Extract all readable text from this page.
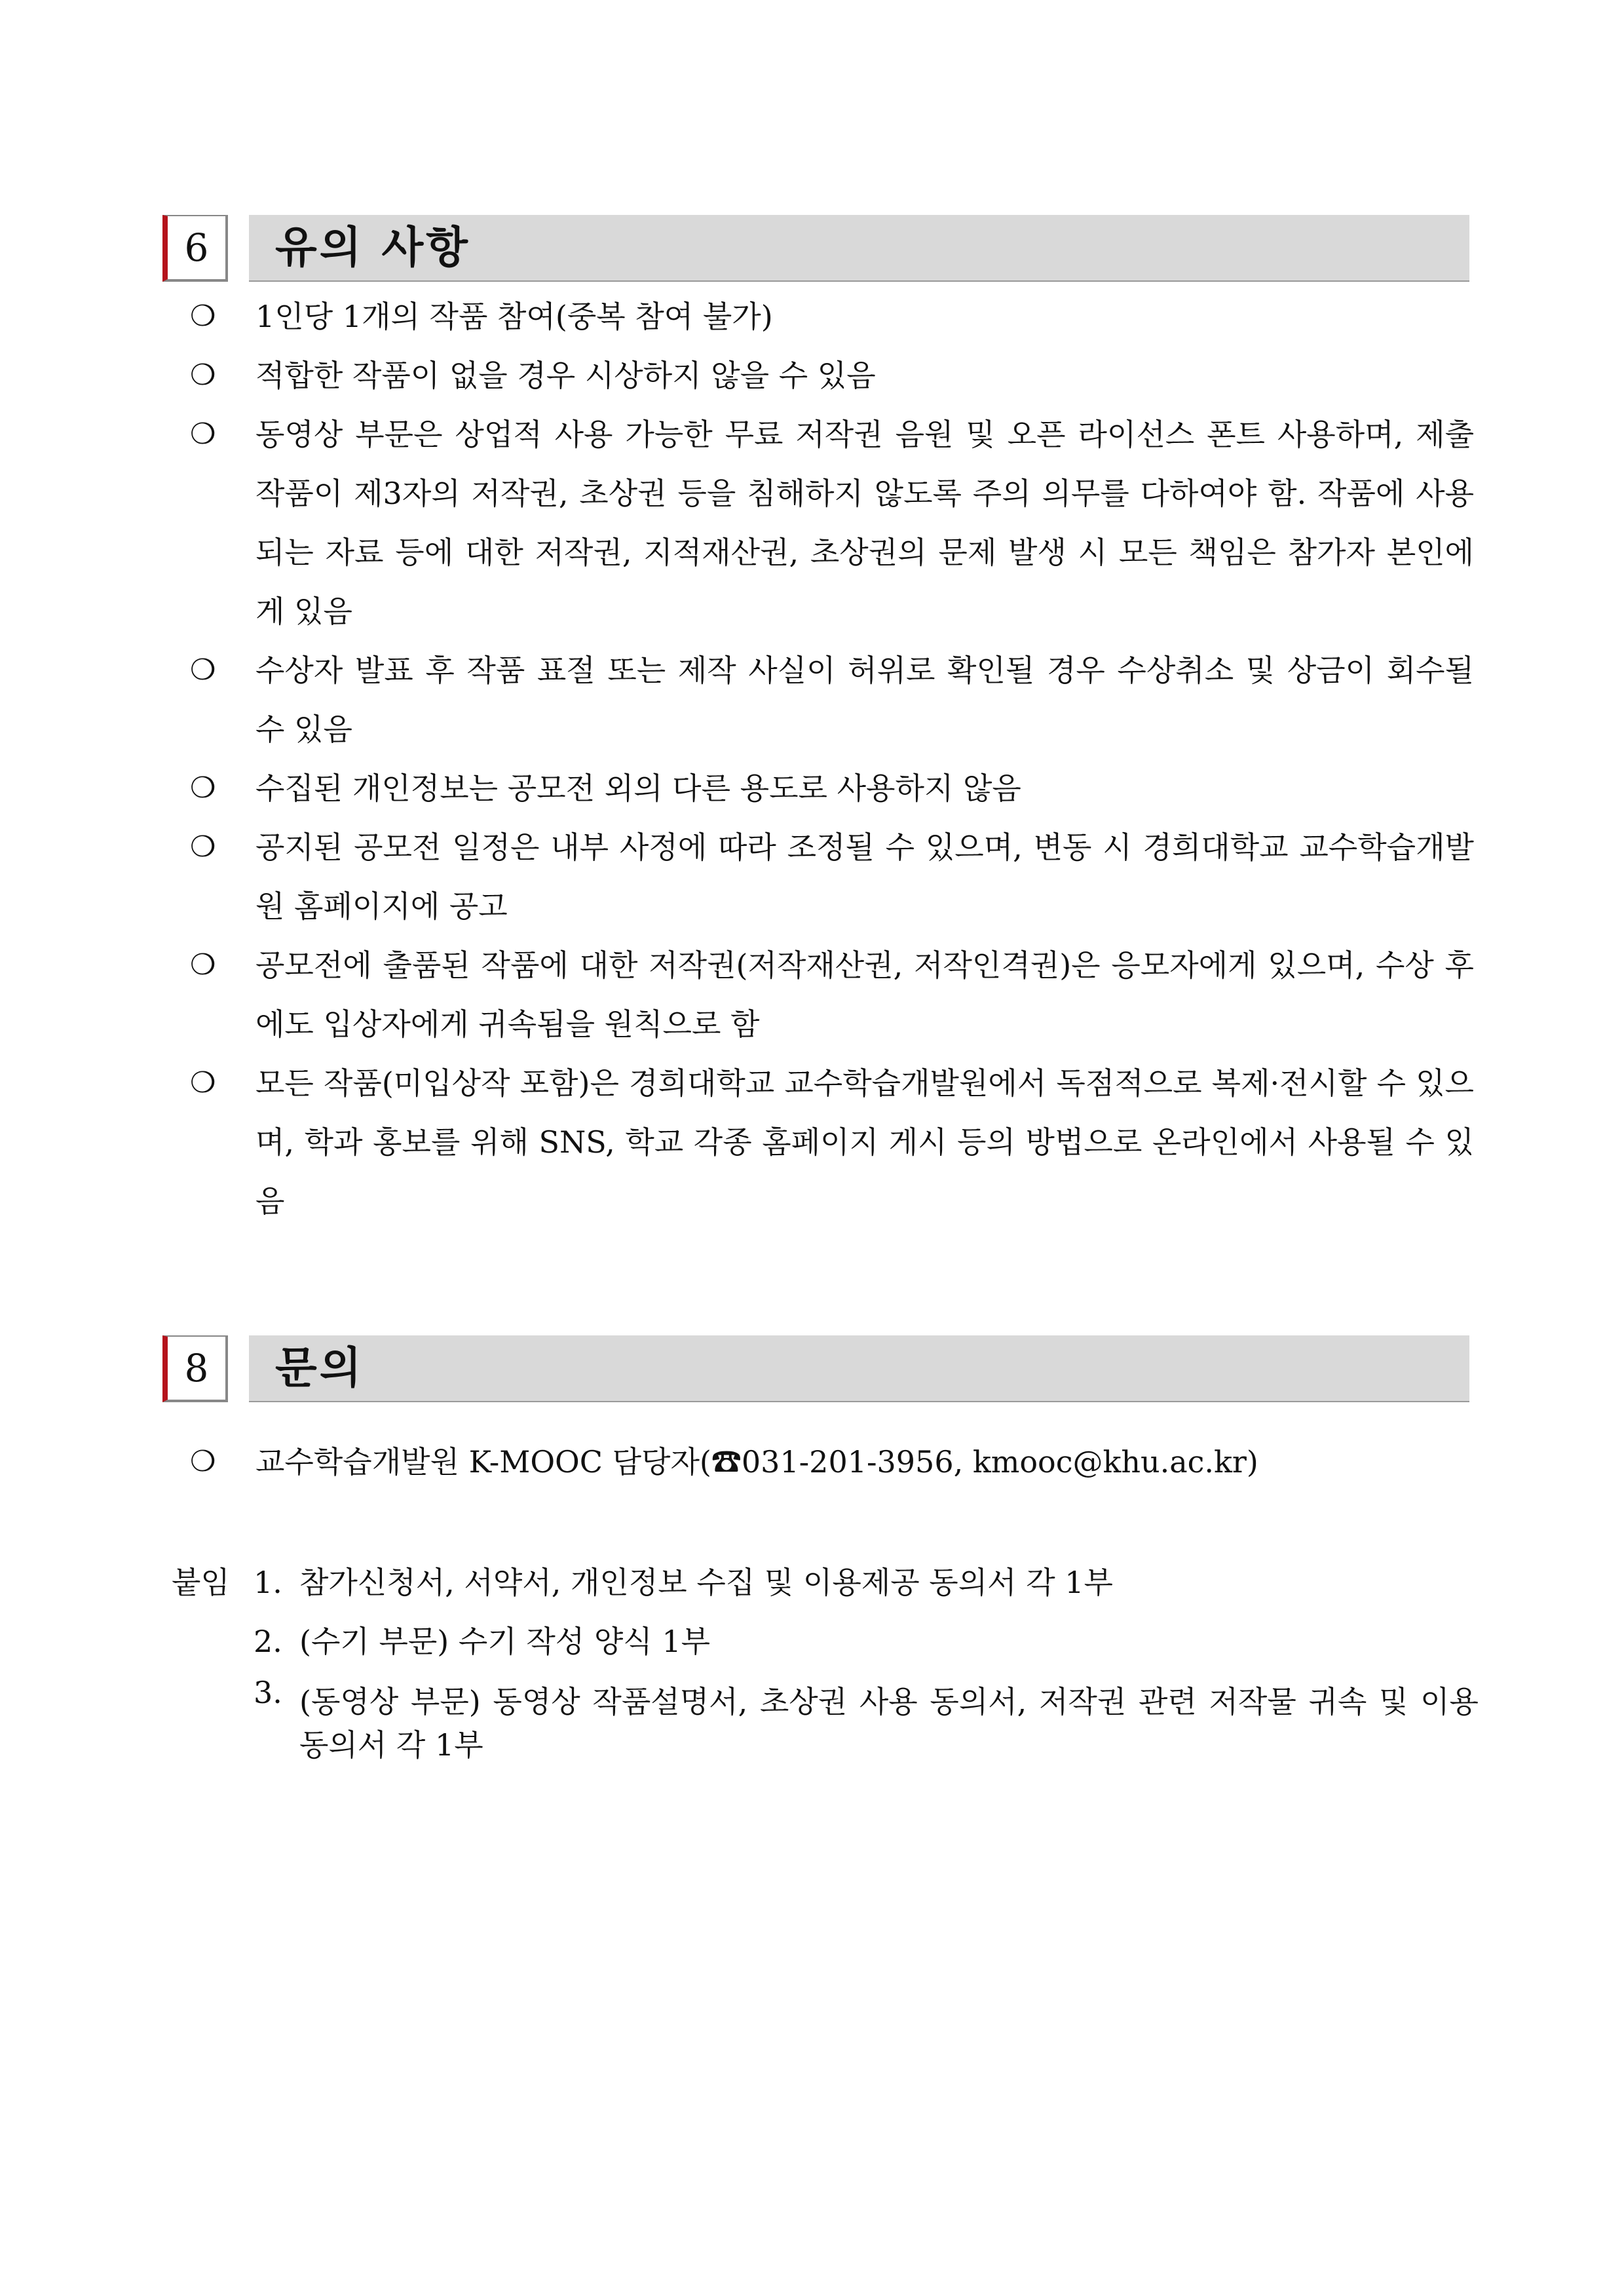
6	유의 사항
❍ 1인당 1개의 작품 참여(중복 참여 불가)
❍ 적합한 작품이 없을 경우 시상하지 않을 수 있음
❍ 동영상 부문은 상업적 사용 가능한 무료 저작권 음원 및 오픈 라이선스 폰트 사용하며, 제출 작품이 제3자의 저작권, 초상권 등을 침해하지 않도록 주의 의무를 다하여야 함. 작품에 사용되는 자료 등에 대한 저작권, 지적재산권, 초상권의 문제 발생 시 모든 책임은 참가자 본인에게 있음
❍ 수상자 발표 후 작품 표절 또는 제작 사실이 허위로 확인될 경우 수상취소 및 상금이 회수될 수 있음
❍ 수집된 개인정보는 공모전 외의 다른 용도로 사용하지 않음
❍ 공지된 공모전 일정은 내부 사정에 따라 조정될 수 있으며, 변동 시 경희대학교 교수학습개발원 홈페이지에 공고
❍ 공모전에 출품된 작품에 대한 저작권(저작재산권, 저작인격권)은 응모자에게 있으며, 수상 후에도 입상자에게 귀속됨을 원칙으로 함
❍ 모든 작품(미입상작 포함)은 경희대학교 교수학습개발원에서 독점적으로 복제·전시할 수 있으며, 학과 홍보를 위해 SNS, 학교 각종 홈페이지 게시 등의 방법으로 온라인에서 사용될 수 있음
8	문의
❍ 교수학습개발원 K-MOOC 담당자(☎031-201-3956, kmooc@khu.ac.kr)
붙임 1. 참가신청서, 서약서, 개인정보 수집 및 이용제공 동의서 각 1부
2. (수기 부문) 수기 작성 양식 1부
3. (동영상 부문) 동영상 작품설명서, 초상권 사용 동의서, 저작권 관련 저작물 귀속 및 이용 동의서 각 1부
